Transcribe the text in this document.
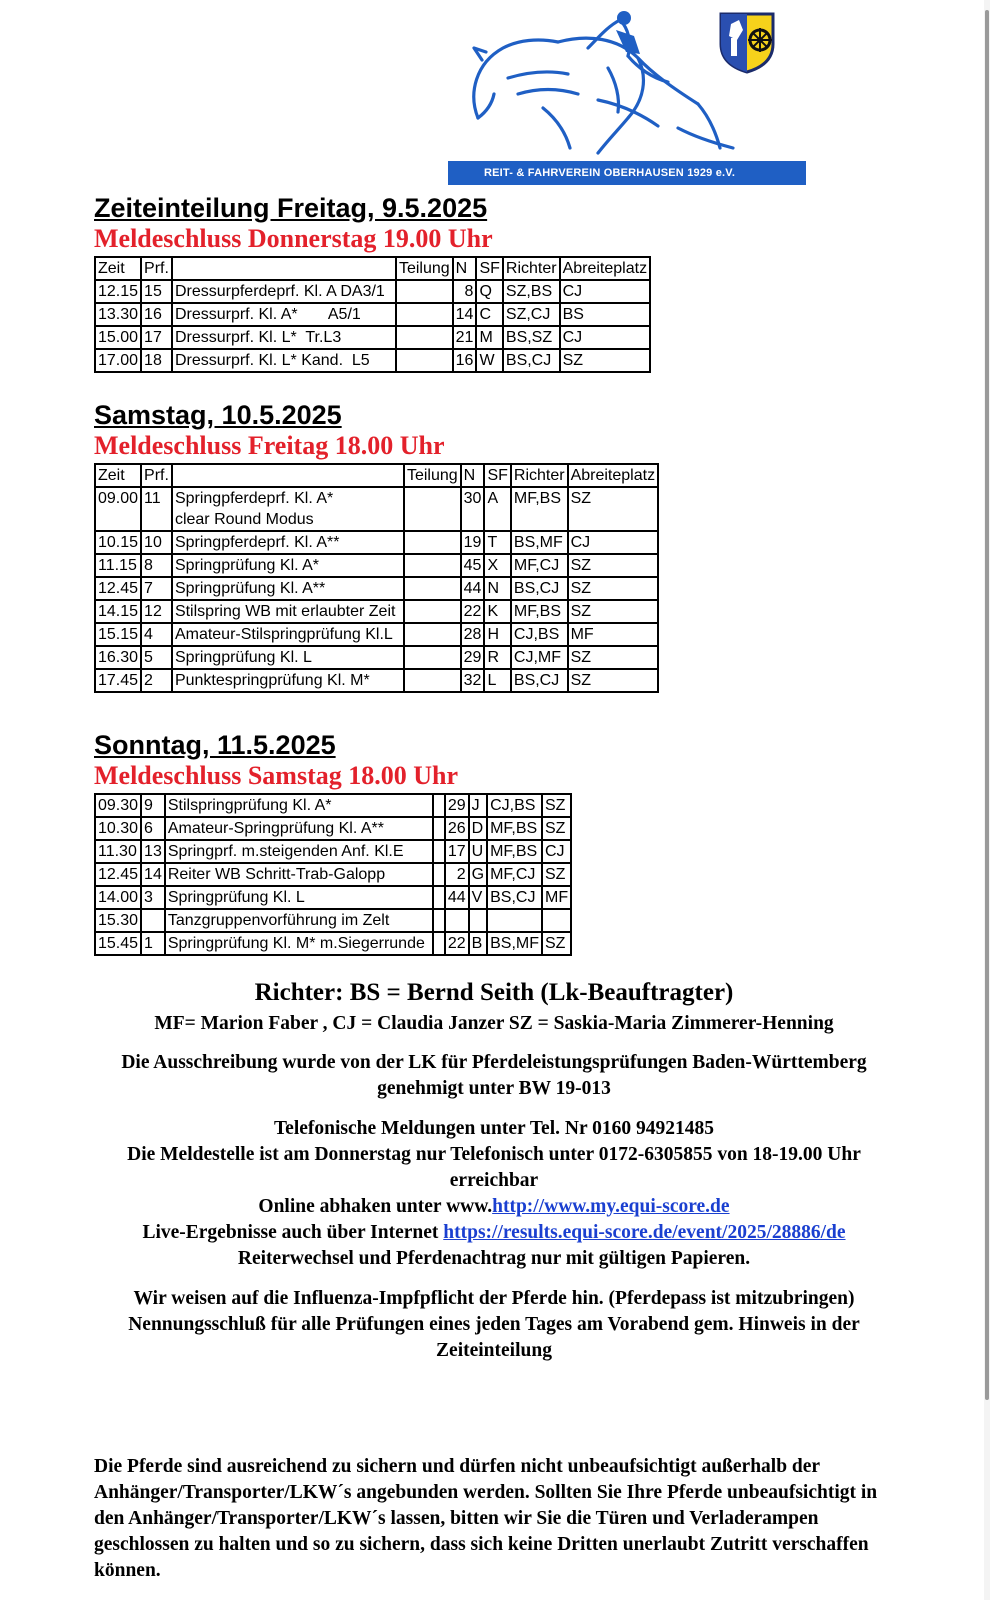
REIT- & FAHRVEREIN OBERHAUSEN 1929 e.V.
Zeiteinteilung Freitag, 9.5.2025
Meldeschluss Donnerstag 19.00 Uhr
Zeit	Prf.		Teilung	N	SF	Richter	Abreiteplatz
12.15	15	Dressurpferdeprf. Kl. A DA3/1		8	Q	SZ,BS	CJ
13.30	16	Dressurprf. Kl. A*       A5/1		14	C	SZ,CJ	BS
15.00	17	Dressurprf. Kl. L*  Tr.L3		21	M	BS,SZ	CJ
17.00	18	Dressurprf. Kl. L* Kand.  L5		16	W	BS,CJ	SZ
Samstag, 10.5.2025
Meldeschluss Freitag 18.00 Uhr
Zeit	Prf.		Teilung	N	SF	Richter	Abreiteplatz
09.00	11	Springpferdeprf. Kl. A*
clear Round Modus		30	A	MF,BS	SZ
10.15	10	Springpferdeprf. Kl. A**		19	T	BS,MF	CJ
11.15	8	Springprüfung Kl. A*		45	X	MF,CJ	SZ
12.45	7	Springprüfung Kl. A**		44	N	BS,CJ	SZ
14.15	12	Stilspring WB mit erlaubter Zeit		22	K	MF,BS	SZ
15.15	4	Amateur-Stilspringprüfung Kl.L		28	H	CJ,BS	MF
16.30	5	Springprüfung Kl. L		29	R	CJ,MF	SZ
17.45	2	Punktespringprüfung Kl. M*		32	L	BS,CJ	SZ
Sonntag, 11.5.2025
Meldeschluss Samstag 18.00 Uhr
09.30	9	Stilspringprüfung Kl. A*		29	J	CJ,BS	SZ
10.30	6	Amateur-Springprüfung Kl. A**		26	D	MF,BS	SZ
11.30	13	Springprf. m.steigenden Anf. Kl.E		17	U	MF,BS	CJ
12.45	14	Reiter WB Schritt-Trab-Galopp		2	G	MF,CJ	SZ
14.00	3	Springprüfung Kl. L		44	V	BS,CJ	MF
15.30		Tanzgruppenvorführung im Zelt					
15.45	1	Springprüfung Kl. M* m.Siegerrunde		22	B	BS,MF	SZ

Richter: BS = Bernd Seith (Lk-Beauftragter)

MF= Marion Faber , CJ = Claudia Janzer SZ = Saskia-Maria Zimmerer-Henning

Die Ausschreibung wurde von der LK für Pferdeleistungsprüfungen Baden-Württemberg genehmigt unter BW 19-013

Telefonische Meldungen unter Tel. Nr 0160 94921485

Die Meldestelle ist am Donnerstag nur Telefonisch unter 0172-6305855 von 18-19.00 Uhr erreichbar

Online abhaken unter www.http://www.my.equi-score.de

Live-Ergebnisse auch über Internet https://results.equi-score.de/event/2025/28886/de

Reiterwechsel und Pferdenachtrag nur mit gültigen Papieren.

Wir weisen auf die Influenza-Impfpflicht der Pferde hin. (Pferdepass ist mitzubringen)

Nennungsschluß für alle Prüfungen eines jeden Tages am Vorabend gem. Hinweis in der Zeiteinteilung

Die Pferde sind ausreichend zu sichern und dürfen nicht unbeaufsichtigt außerhalb der Anhänger/Transporter/LKW´s angebunden werden. Sollten Sie Ihre Pferde unbeaufsichtigt in den Anhänger/Transporter/LKW´s lassen, bitten wir Sie die Türen und Verladerampen geschlossen zu halten und so zu sichern, dass sich keine Dritten unerlaubt Zutritt verschaffen können.
